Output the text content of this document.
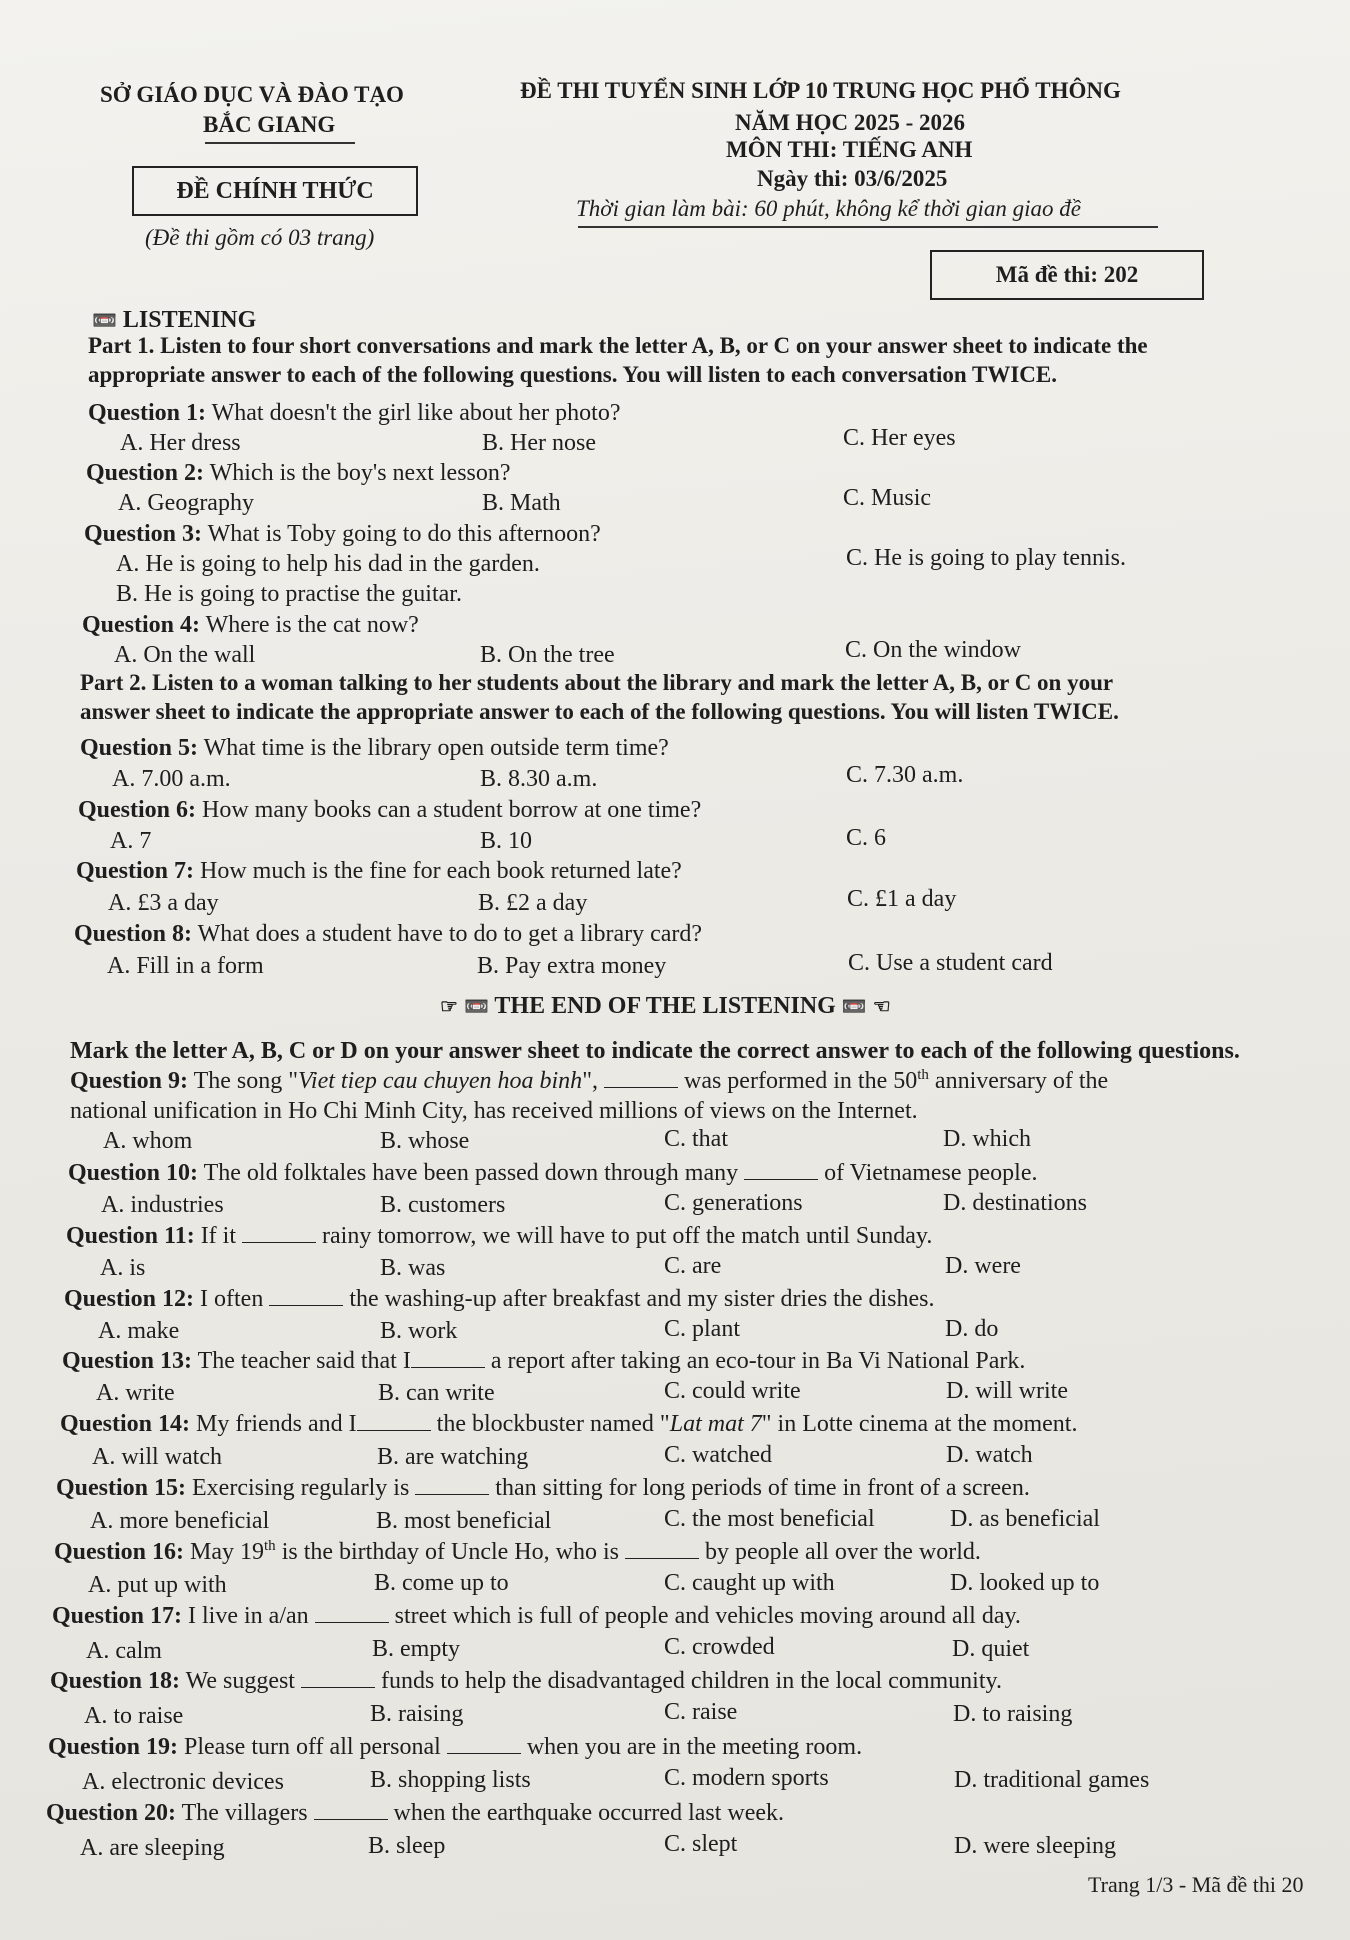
SỞ GIÁO DỤC VÀ ĐÀO TẠO
BẮC GIANG
ĐỀ THI TUYỂN SINH LỚP 10 TRUNG HỌC PHỔ THÔNG
NĂM HỌC 2025 - 2026
MÔN THI: TIẾNG ANH
ĐỀ CHÍNH THỨC	Ngày thi: 03/6/2025
Thời gian làm bài: 60 phút, không kể thời gian giao đề
(Đề thi gồm có 03 trang)
Mã đề thi: 202
📼 LISTENING
Part 1. Listen to four short conversations and mark the letter A, B, or C on your answer sheet to indicate the
appropriate answer to each of the following questions. You will listen to each conversation TWICE.
Question 1: What doesn't the girl like about her photo?
A. Her dress	B. Her nose	C. Her eyes
Question 2: Which is the boy's next lesson?
A. Geography	B. Math	C. Music
Question 3: What is Toby going to do this afternoon?
A. He is going to help his dad in the garden.	C. He is going to play tennis.
B. He is going to practise the guitar.
Question 4: Where is the cat now?
A. On the wall	B. On the tree	C. On the window
Part 2. Listen to a woman talking to her students about the library and mark the letter A, B, or C on your
answer sheet to indicate the appropriate answer to each of the following questions. You will listen TWICE.
Question 5: What time is the library open outside term time?
A. 7.00 a.m.	B. 8.30 a.m.	C. 7.30 a.m.
Question 6: How many books can a student borrow at one time?
A. 7	B. 10	C. 6
Question 7: How much is the fine for each book returned late?
A. £3 a day	B. £2 a day	C. £1 a day
Question 8: What does a student have to do to get a library card?
A. Fill in a form	B. Pay extra money	C. Use a student card
☞ 📼 THE END OF THE LISTENING 📼 ☜
Mark the letter A, B, C or D on your answer sheet to indicate the correct answer to each of the following questions.
Question 9: The song "Viet tiep cau chuyen hoa binh",	was performed in the 50th anniversary of the
national unification in Ho Chi Minh City, has received millions of views on the Internet.
A. whom	B. whose	C. that	D. which
Question 10: The old folktales have been passed down through many	of Vietnamese people.
A. industries	B. customers	C. generations	D. destinations
Question 11: If it	rainy tomorrow, we will have to put off the match until Sunday.
A. is	B. was	C. are	D. were
Question 12: I often	the washing-up after breakfast and my sister dries the dishes.
A. make	B. work	C. plant	D. do
Question 13: The teacher said that I	a report after taking an eco-tour in Ba Vi National Park.
A. write	B. can write	C. could write	D. will write
Question 14: My friends and I	the blockbuster named "Lat mat 7" in Lotte cinema at the moment.
A. will watch	B. are watching	C. watched	D. watch
Question 15: Exercising regularly is	than sitting for long periods of time in front of a screen.
A. more beneficial	B. most beneficial	C. the most beneficial	D. as beneficial
Question 16: May 19th is the birthday of Uncle Ho, who is	by people all over the world.
A. put up with	B. come up to	C. caught up with	D. looked up to
Question 17: I live in a/an	street which is full of people and vehicles moving around all day.
A. calm	B. empty	C. crowded	D. quiet
Question 18: We suggest	funds to help the disadvantaged children in the local community.
A. to raise	B. raising	C. raise	D. to raising
Question 19: Please turn off all personal	when you are in the meeting room.
A. electronic devices	B. shopping lists	C. modern sports	D. traditional games
Question 20: The villagers	when the earthquake occurred last week.
A. are sleeping	B. sleep	C. slept	D. were sleeping
Trang 1/3 - Mã đề thi 20
